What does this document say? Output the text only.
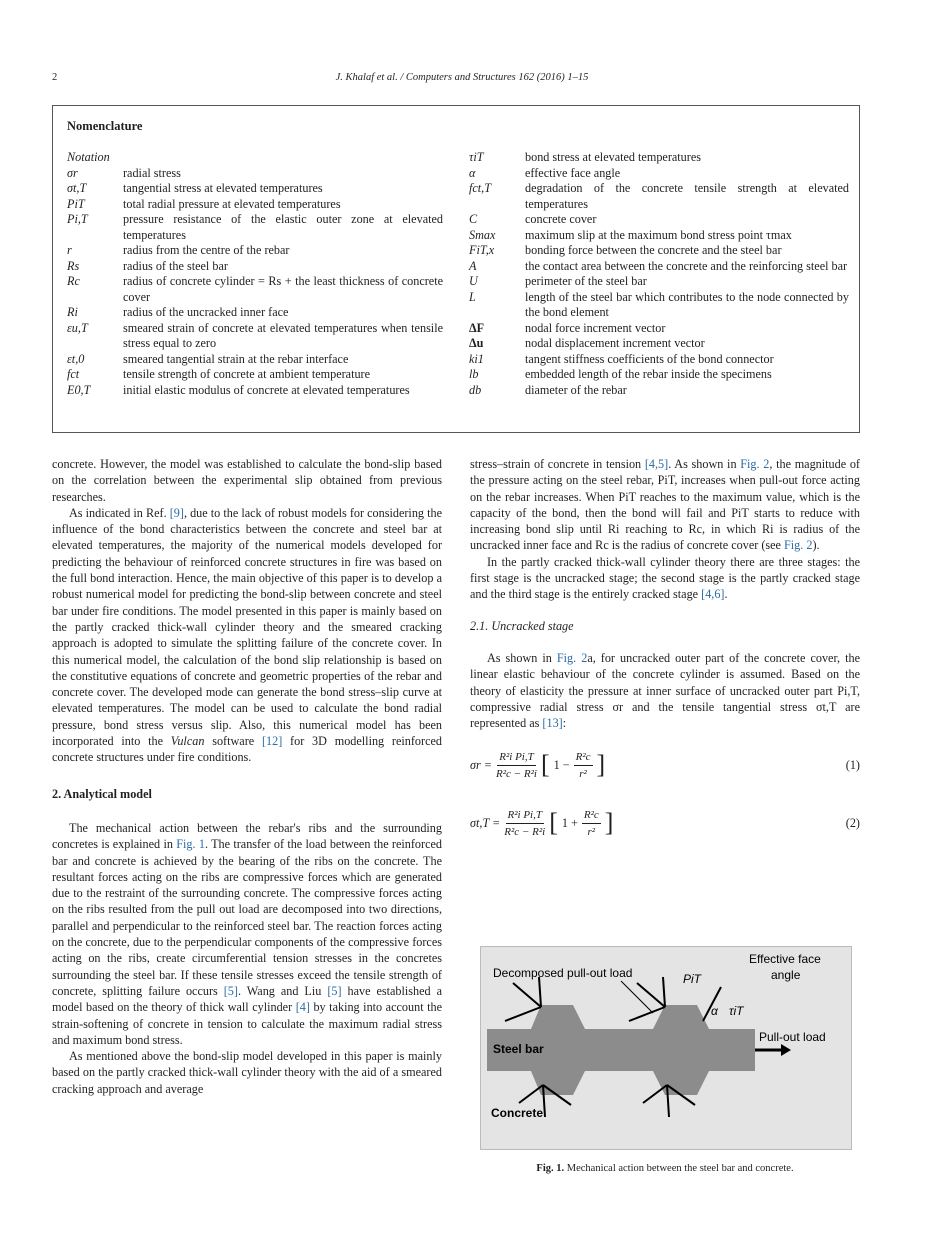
2	J. Khalaf et al. / Computers and Structures 162 (2016) 1–15
Nomenclature
Notation
σr	radial stress
σt,T	tangential stress at elevated temperatures
PiT	total radial pressure at elevated temperatures
Pi,T	pressure resistance of the elastic outer zone at elevated temperatures
r	radius from the centre of the rebar
Rs	radius of the steel bar
Rc	radius of concrete cylinder = Rs + the least thickness of concrete cover
Ri	radius of the uncracked inner face
εu,T	smeared strain of concrete at elevated temperatures when tensile stress equal to zero
εt,0	smeared tangential strain at the rebar interface
fct	tensile strength of concrete at ambient temperature
E0,T	initial elastic modulus of concrete at elevated temperatures
τiT	bond stress at elevated temperatures
α	effective face angle
fct,T	degradation of the concrete tensile strength at elevated temperatures
C	concrete cover
Smax	maximum slip at the maximum bond stress point τmax
FiT,x	bonding force between the concrete and the steel bar
A	the contact area between the concrete and the reinforcing steel bar
U	perimeter of the steel bar
L	length of the steel bar which contributes to the node connected by the bond element
ΔF	nodal force increment vector
Δu	nodal displacement increment vector
ki1	tangent stiffness coefficients of the bond connector
lb	embedded length of the rebar inside the specimens
db	diameter of the rebar

concrete. However, the model was established to calculate the bond-slip based on the correlation between the experimental slip obtained from previous researches.

As indicated in Ref. [9], due to the lack of robust models for considering the influence of the bond characteristics between the concrete and steel bar at elevated temperatures, the majority of the numerical models developed for predicting the behaviour of reinforced concrete structures in fire was based on the full bond interaction. Hence, the main objective of this paper is to develop a robust numerical model for predicting the bond-slip between concrete and steel bar under fire conditions. The model presented in this paper is mainly based on the partly cracked thick-wall cylinder theory and the smeared cracking approach is adopted to simulate the splitting failure of the concrete cover. In this numerical model, the calculation of the bond slip relationship is based on the constitutive equations of concrete and geometric properties of the rebar and concrete cover. The developed mode can generate the bond stress–slip curve at elevated temperatures. The model can be used to calculate the bond radial pressure, bond stress versus slip. Also, this numerical model has been incorporated into the Vulcan software [12] for 3D modelling reinforced concrete structures under fire conditions.

2. Analytical model

The mechanical action between the rebar's ribs and the surrounding concretes is explained in Fig. 1. The transfer of the load between the reinforced bar and concrete is achieved by the bearing of the ribs on the concrete. The resultant forces acting on the ribs are compressive forces which are generated due to the restraint of the surrounding concrete. The compressive forces acting on the ribs resulted from the pull out load are decomposed into two directions, parallel and perpendicular to the reinforced steel bar. The reaction forces acting on the concrete, due to the perpendicular components of the compressive forces acting on the ribs, create circumferential tension stresses in the concretes surrounding the steel bar. If these tensile stresses exceed the tensile strength of concrete, splitting failure occurs [5]. Wang and Liu [5] have established a model based on the theory of thick wall cylinder [4] by taking into account the strain-softening of concrete in tension to calculate the maximum radial stress and maximum bond stress.

As mentioned above the bond-slip model developed in this paper is mainly based on the partly cracked thick-wall cylinder theory with the aid of a smeared cracking approach and average

stress–strain of concrete in tension [4,5]. As shown in Fig. 2, the magnitude of the pressure acting on the steel rebar, PiT, increases when pull-out force acting on the rebar increases. When PiT reaches to the maximum value, which is the capacity of the bond, then the bond will fail and PiT starts to reduce with increasing bond slip until Ri reaching to Rc, in which Ri is radius of the uncracked inner face and Rc is the radius of concrete cover (see Fig. 2).

In the partly cracked thick-wall cylinder theory there are three stages: the first stage is the uncracked stage; the second stage is the partly cracked stage and the third stage is the entirely cracked stage [4,6].

2.1. Uncracked stage

As shown in Fig. 2a, for uncracked outer part of the concrete cover, the linear elastic behaviour of the concrete cylinder is assumed. Based on the theory of elasticity the pressure at inner surface of uncracked outer part Pi,T, compressive radial stress σr and the tensile tangential stress σt,T are represented as [13]:

$\sigma r = \frac{\text{R²i Pi,T}}{\text{R²c − R²i}}$ [ $1 - \frac{\text{R²c}}{\text{r²}}$ ]	(1)
$\sigma t,T = \frac{\text{R²i Pi,T}}{\text{R²c − R²i}}$ [ $1 + \frac{\text{R²c}}{\text{r²}}$ ]	(2)
Decomposed pull-out load
Effective face
angle
PiT
α τiT
Pull-out load
Steel bar
Concrete
Fig. 1. Mechanical action between the steel bar and concrete.
